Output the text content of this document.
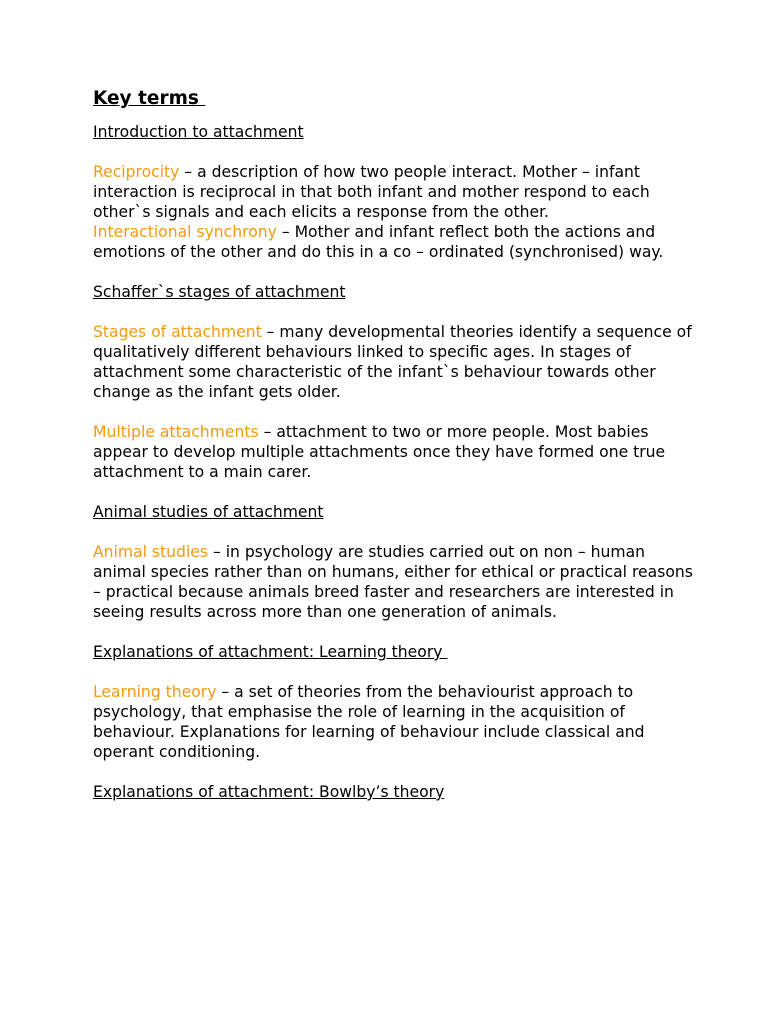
Key terms
Introduction to attachment

Reciprocity – a description of how two people interact. Mother – infant interaction is reciprocal in that both infant and mother respond to each other`s signals and each elicits a response from the other.

Interactional synchrony – Mother and infant reflect both the actions and emotions of the other and do this in a co – ordinated (synchronised) way.

Schaffer`s stages of attachment

Stages of attachment – many developmental theories identify a sequence of qualitatively different behaviours linked to specific ages. In stages of attachment some characteristic of the infant`s behaviour towards other change as the infant gets older.

Multiple attachments – attachment to two or more people. Most babies appear to develop multiple attachments once they have formed one true attachment to a main carer.

Animal studies of attachment

Animal studies – in psychology are studies carried out on non – human animal species rather than on humans, either for ethical or practical reasons – practical because animals breed faster and researchers are interested in seeing results across more than one generation of animals.

Explanations of attachment: Learning theory

Learning theory – a set of theories from the behaviourist approach to psychology, that emphasise the role of learning in the acquisition of behaviour. Explanations for learning of behaviour include classical and operant conditioning.

Explanations of attachment: Bowlby’s theory
